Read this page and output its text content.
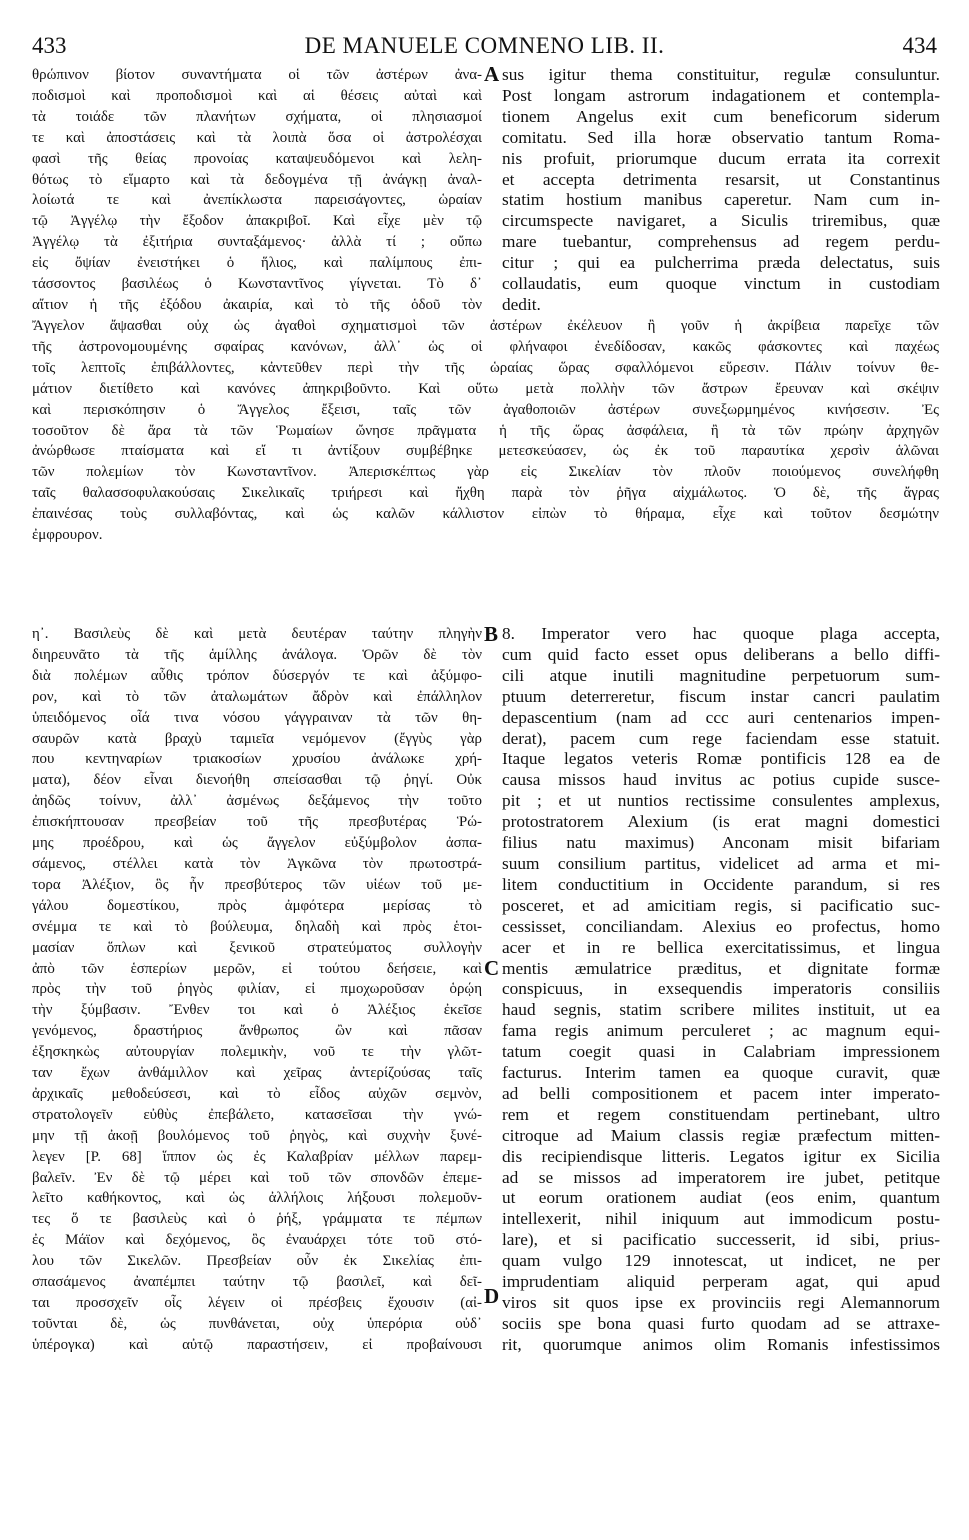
433	DE MANUELE COMNENO LIB. II.	434
θρώπινον βίοτον συναντήματα οἱ τῶν ἀστέρων ἀνα-
ποδισμοὶ καὶ προποδισμοὶ καὶ αἱ θέσεις αὐταὶ καὶ
τὰ τοιάδε τῶν πλανήτων σχήματα, οἱ πλησιασμοί
τε καὶ ἀποστάσεις καὶ τὰ λοιπὰ ὅσα οἱ ἀστρολέσχαι
φασὶ τῆς θείας προνοίας καταψευδόμενοι καὶ λελη-
θότως τὸ εἵμαρτο καὶ τὰ δεδογμένα τῇ ἀνάγκῃ ἀναλ-
λοίωτά τε καὶ ἀνεπίκλωστα παρεισάγοντες, ὡραίαν
τῷ Ἀγγέλῳ τὴν ἔξοδον ἀπακριβοῖ. Καὶ εἶχε μὲν τῷ
Ἀγγέλῳ τὰ ἐξιτήρια συνταξάμενος· ἀλλὰ τί ; οὔπω
εἰς ὄψίαν ἐνειστήκει ὁ ἥλιος, καὶ παλίμπους ἐπι-
τάσσοντος βασιλέως ὁ Κωνσταντῖνος γίγνεται. Τὸ δ᾽
αἴτιον ἡ τῆς ἐξόδου ἀκαιρία, καὶ τὸ τῆς ὁδοῦ τὸν
sus igitur thema constituitur, regulæ consuluntur.
Post longam astrorum indagationem et contempla-
tionem Angelus exit cum beneficorum siderum
comitatu. Sed illa horæ observatio tantum Roma-
nis profuit, priorumque ducum errata ita correxit
et accepta detrimenta resarsit, ut Constantinus
statim hostium manibus caperetur. Nam cum in-
circumspecte navigaret, a Siculis triremibus, quæ
mare tuebantur, comprehensus ad regem perdu-
citur ; qui ea pulcherrima præda delectatus, suis
collaudatis, eum quoque vinctum in custodiam
dedit.
Ἄγγελον ἄψασθαι οὐχ ὡς ἀγαθοὶ σχηματισμοὶ τῶν ἀστέρων ἐκέλευον ἢ γοῦν ἡ ἀκρίβεια παρεῖχε τῶν
τῆς ἀστρονομουμένης σφαίρας κανόνων, ἀλλ᾽ ὡς οἱ φλήναφοι ἐνεδίδοσαν, κακῶς φάσκοντες καὶ παχέως
τοῖς λεπτοῖς ἐπιβάλλοντες, κἀντεῦθεν περὶ τὴν τῆς ὡραίας ὥρας σφαλλόμενοι εὕρεσιν. Πάλιν τοίνυν θε-
μάτιον διετίθετο καὶ κανόνες ἀπηκριβοῦντο. Καὶ οὕτω μετὰ πολλὴν τῶν ἄστρων ἔρευναν καὶ σκέψιν
καὶ περισκόπησιν ὁ Ἄγγελος ἔξεισι, ταῖς τῶν ἀγαθοποιῶν ἀστέρων συνεξωρμημένος κινήσεσιν. Ἐς
τοσοῦτον δὲ ἄρα τὰ τῶν Ῥωμαίων ὤνησε πρᾶγματα ἡ τῆς ὥρας ἀσφάλεια, ἢ τὰ τῶν πρώην ἀρχηγῶν
ἀνώρθωσε πταίσματα καὶ εἴ τι ἀντίξουν συμβέβηκε μετεσκεύασεν, ὡς ἐκ τοῦ παραυτίκα χερσὶν ἁλῶναι
τῶν πολεμίων τὸν Κωνσταντῖνον. Ἀπερισκέπτως γὰρ εἰς Σικελίαν τὸν πλοῦν ποιούμενος συνελήφθη
ταῖς θαλασσοφυλακούσαις Σικελικαῖς τριήρεσι καὶ ἤχθη παρὰ τὸν ῥῆγα αἰχμάλωτος. Ὁ δὲ, τῆς ἄγρας
ἐπαινέσας τοὺς συλλαβόντας, καὶ ὡς καλῶν κάλλιστον εἰπὼν τὸ θήραμα, εἶχε καὶ τοῦτον δεσμώτην
ἐμφρουρον.
η᾽. Βασιλεὺς δὲ καὶ μετὰ δευτέραν ταύτην πληγὴν
διηρευνᾶτο τὰ τῆς ἁμίλλης ἀνάλογα. Ὁρῶν δὲ τὸν
διὰ πολέμων αὖθις τρόπον δύσεργόν τε καὶ ἀξύμφο-
ρον, καὶ τὸ τῶν ἀταλωμάτων ἄδρὸν καὶ ἐπάλληλον
ὑπειδόμενος οἷά τινα νόσου γάγγραιναν τὰ τῶν θη-
σαυρῶν κατὰ βραχὺ ταμιεῖα νεμόμενον (ἔγγὺς γὰρ
που κεντηναρίων τριακοσίων χρυσίου ἀνάλωκε χρή-
ματα), δέον εἶναι διενοήθη σπείσασθαι τῷ ῥηγί. Οὐκ
ἀηδῶς τοίνυν, ἀλλ᾽ ἀσμένως δεξάμενος τὴν τοῦτο
ἐπισκήπτουσαν πρεσβείαν τοῦ τῆς πρεσβυτέρας Ῥώ-
μης προέδρου, καὶ ὡς ἄγγελον εὐξύμβολον ἀσπα-
σάμενος, στέλλει κατὰ τὸν Ἀγκῶνα τὸν πρωτοστρά-
τορα Ἀλέξιον, ὃς ἦν πρεσβύτερος τῶν υἱέων τοῦ με-
γάλου δομεστίκου, πρὸς ἀμφότερα μερίσας τὸ
σνέμμα τε καὶ τὸ βούλευμα, δηλαδὴ καὶ πρὸς ἑτοι-
μασίαν ὅπλων καὶ ξενικοῦ στρατεύματος συλλογὴν
ἀπὸ τῶν ἑσπερίων μερῶν, εἰ τούτου δεήσειε, καὶ
πρὸς τὴν τοῦ ῥηγὸς φιλίαν, εἰ πμοχωροῦσαν ὁρῴη
τὴν ξύμβασιν. Ἔνθεν τοι καὶ ὁ Ἀλέξιος ἐκεῖσε
γενόμενος, δραστήριος ἄνθρωπος ὢν καὶ πᾶσαν
ἐξησκηκὼς αὐτουργίαν πολεμικὴν, νοῦ τε τὴν γλῶτ-
ταν ἔχων ἀνθάμιλλον καὶ χεῖρας ἀντερίζούσας ταῖς
ἀρχικαῖς μεθοδεύσεσι, καὶ τὸ εἶδος αὐχῶν σεμνὸν,
στρατολογεῖν εὐθὺς ἐπεβάλετο, κατασεῖσαι τὴν γνώ-
μην τῇ ἀκοῇ βουλόμενος τοῦ ῥηγὸς, καὶ συχνὴν ξυνέ-
λεγεν [P. 68] ἵππον ὡς ἐς Καλαβρίαν μέλλων παρεμ-
βαλεῖν. Ἐν δὲ τῷ μέρει καὶ τοῦ τῶν σπονδῶν ἐπεμε-
λεῖτο καθήκοντος, καὶ ὡς ἀλλήλοις λήξουσι πολεμοῦν-
τες ὅ τε βασιλεὺς καὶ ὁ ῥήξ, γράμματα τε πέμπων
ἐς Μάϊον καὶ δεχόμενος, ὃς ἐναυάρχει τότε τοῦ στό-
λου τῶν Σικελῶν. Πρεσβείαν οὖν ἐκ Σικελίας ἐπι-
σπασάμενος ἀναπέμπει ταύτην τῷ βασιλεῖ, καὶ δεῖ-
ται προσσχεῖν οἷς λέγειν οἱ πρέσβεις ἔχουσιν (αἰ-
τοῦνται δὲ, ὡς πυνθάνεται, οὐχ ὑπερόρια οὐδ᾽
ὑπέρογκα) καὶ αὐτῷ παραστήσειν, εἰ προβαίνουσι
8. Imperator vero hac quoque plaga accepta,
cum quid facto esset opus deliberans a bello diffi-
cili atque inutili magnitudine perpetuorum sum-
ptuum deterreretur, fiscum instar cancri paulatim
depascentium (nam ad ccc auri centenarios impen-
derat), pacem cum rege faciendam esse statuit.
Itaque legatos veteris Romæ pontificis 128 ea de
causa missos haud invitus ac potius cupide susce-
pit ; et ut nuntios rectissime consulentes amplexus,
protostratorem Alexium (is erat magni domestici
filius natu maximus) Anconam misit bifariam
suum consilium partitus, videlicet ad arma et mi-
litem conductitium in Occidente parandum, si res
posceret, et ad amicitiam regis, si pacificatio suc-
cessisset, conciliandam. Alexius eo profectus, homo
acer et in re bellica exercitatissimus, et lingua
mentis æmulatrice præditus, et dignitate formæ
conspicuus, in exsequendis imperatoris consiliis
haud segnis, statim scribere milites instituit, ut ea
fama regis animum perculeret ; ac magnum equi-
tatum coegit quasi in Calabriam impressionem
facturus. Interim tamen ea quoque curavit, quæ
ad belli compositionem et pacem inter imperato-
rem et regem constituendam pertinebant, ultro
citroque ad Maium classis regiæ præfectum mitten-
dis recipiendisque litteris. Legatos igitur ex Sicilia
ad se missos ad imperatorem ire jubet, petitque
ut eorum orationem audiat (eos enim, quantum
intellexerit, nihil iniquum aut immodicum postu-
lare), et si pacificatio successerit, id sibi, prius-
quam vulgo 129 innotescat, ut indicet, ne per
imprudentiam aliquid perperam agat, qui apud
viros sit quos ipse ex provinciis regi Alemannorum
sociis spe bona quasi furto quodam ad se attraxe-
rit, quorumque animos olim Romanis infestissimos
A
B
C
D
